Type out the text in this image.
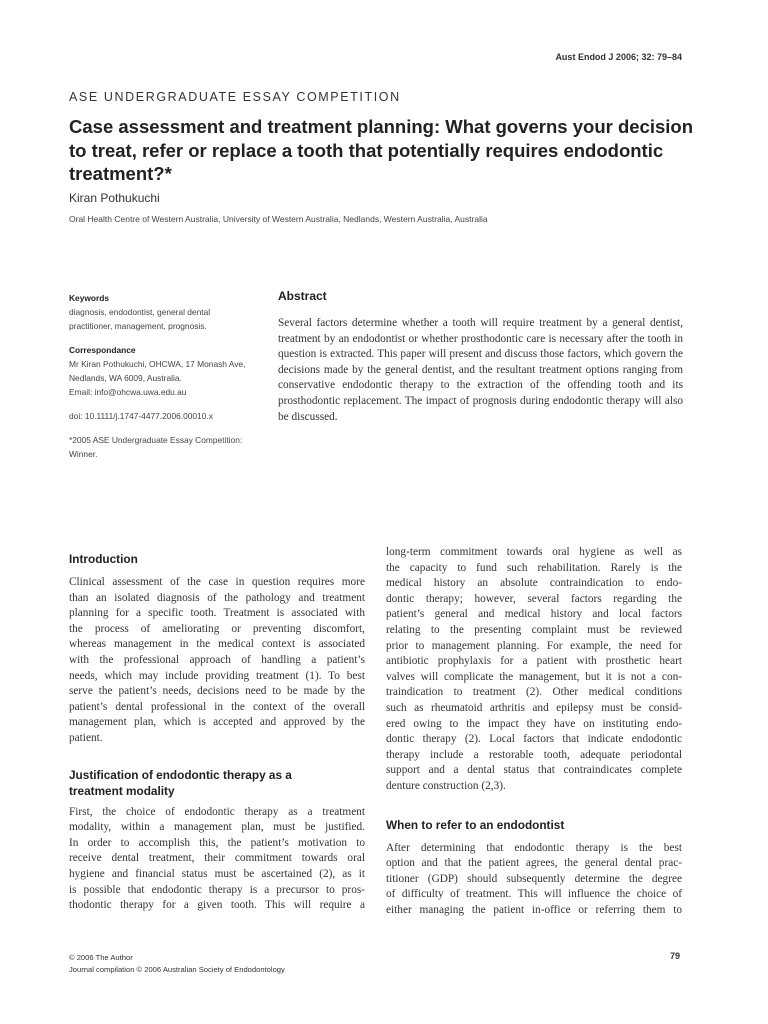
Aust Endod J 2006; 32: 79–84
ASE UNDERGRADUATE ESSAY COMPETITION
Case assessment and treatment planning: What governs your decision to treat, refer or replace a tooth that potentially requires endodontic treatment?*
Kiran Pothukuchi
Oral Health Centre of Western Australia, University of Western Australia, Nedlands, Western Australia, Australia
Keywords
diagnosis, endodontist, general dental
practitioner, management, prognosis.
Correspondance
Mr Kiran Pothukuchi, OHCWA, 17 Monash Ave,
Nedlands, WA 6009, Australia.
Email: info@ohcwa.uwa.edu.au
doi: 10.1111/j.1747-4477.2006.00010.x
*2005 ASE Undergraduate Essay Competition:
Winner.
Abstract
Several factors determine whether a tooth will require treatment by a general dentist, treatment by an endodontist or whether prosthodontic care is necessary after the tooth in question is extracted. This paper will present and discuss those factors, which govern the decisions made by the general dentist, and the resultant treatment options ranging from conservative endodontic therapy to the extraction of the offending tooth and its prosthodontic replacement. The impact of prognosis during endodontic therapy will also be discussed.
Introduction
Clinical assessment of the case in question requires more
than an isolated diagnosis of the pathology and treatment
planning for a specific tooth. Treatment is associated with
the process of ameliorating or preventing discomfort,
whereas management in the medical context is associated
with the professional approach of handling a patient’s
needs, which may include providing treatment (1). To best
serve the patient’s needs, decisions need to be made by the
patient’s dental professional in the context of the overall
management plan, which is accepted and approved by the
patient.
Justification of endodontic therapy as a
treatment modality
First, the choice of endodontic therapy as a treatment
modality, within a management plan, must be justified.
In order to accomplish this, the patient’s motivation to
receive dental treatment, their commitment towards oral
hygiene and financial status must be ascertained (2), as it
is possible that endodontic therapy is a precursor to pros-
thodontic therapy for a given tooth. This will require a
long-term commitment towards oral hygiene as well as
the capacity to fund such rehabilitation. Rarely is the
medical history an absolute contraindication to endo-
dontic therapy; however, several factors regarding the
patient’s general and medical history and local factors
relating to the presenting complaint must be reviewed
prior to management planning. For example, the need for
antibiotic prophylaxis for a patient with prosthetic heart
valves will complicate the management, but it is not a con-
traindication to treatment (2). Other medical conditions
such as rheumatoid arthritis and epilepsy must be consid-
ered owing to the impact they have on instituting endo-
dontic therapy (2). Local factors that indicate endodontic
therapy include a restorable tooth, adequate periodontal
support and a dental status that contraindicates complete
denture construction (2,3).
When to refer to an endodontist
After determining that endodontic therapy is the best
option and that the patient agrees, the general dental prac-
titioner (GDP) should subsequently determine the degree
of difficulty of treatment. This will influence the choice of
either managing the patient in-office or referring them to
© 2006 The Author
Journal compilation © 2006 Australian Society of Endodontology
79
